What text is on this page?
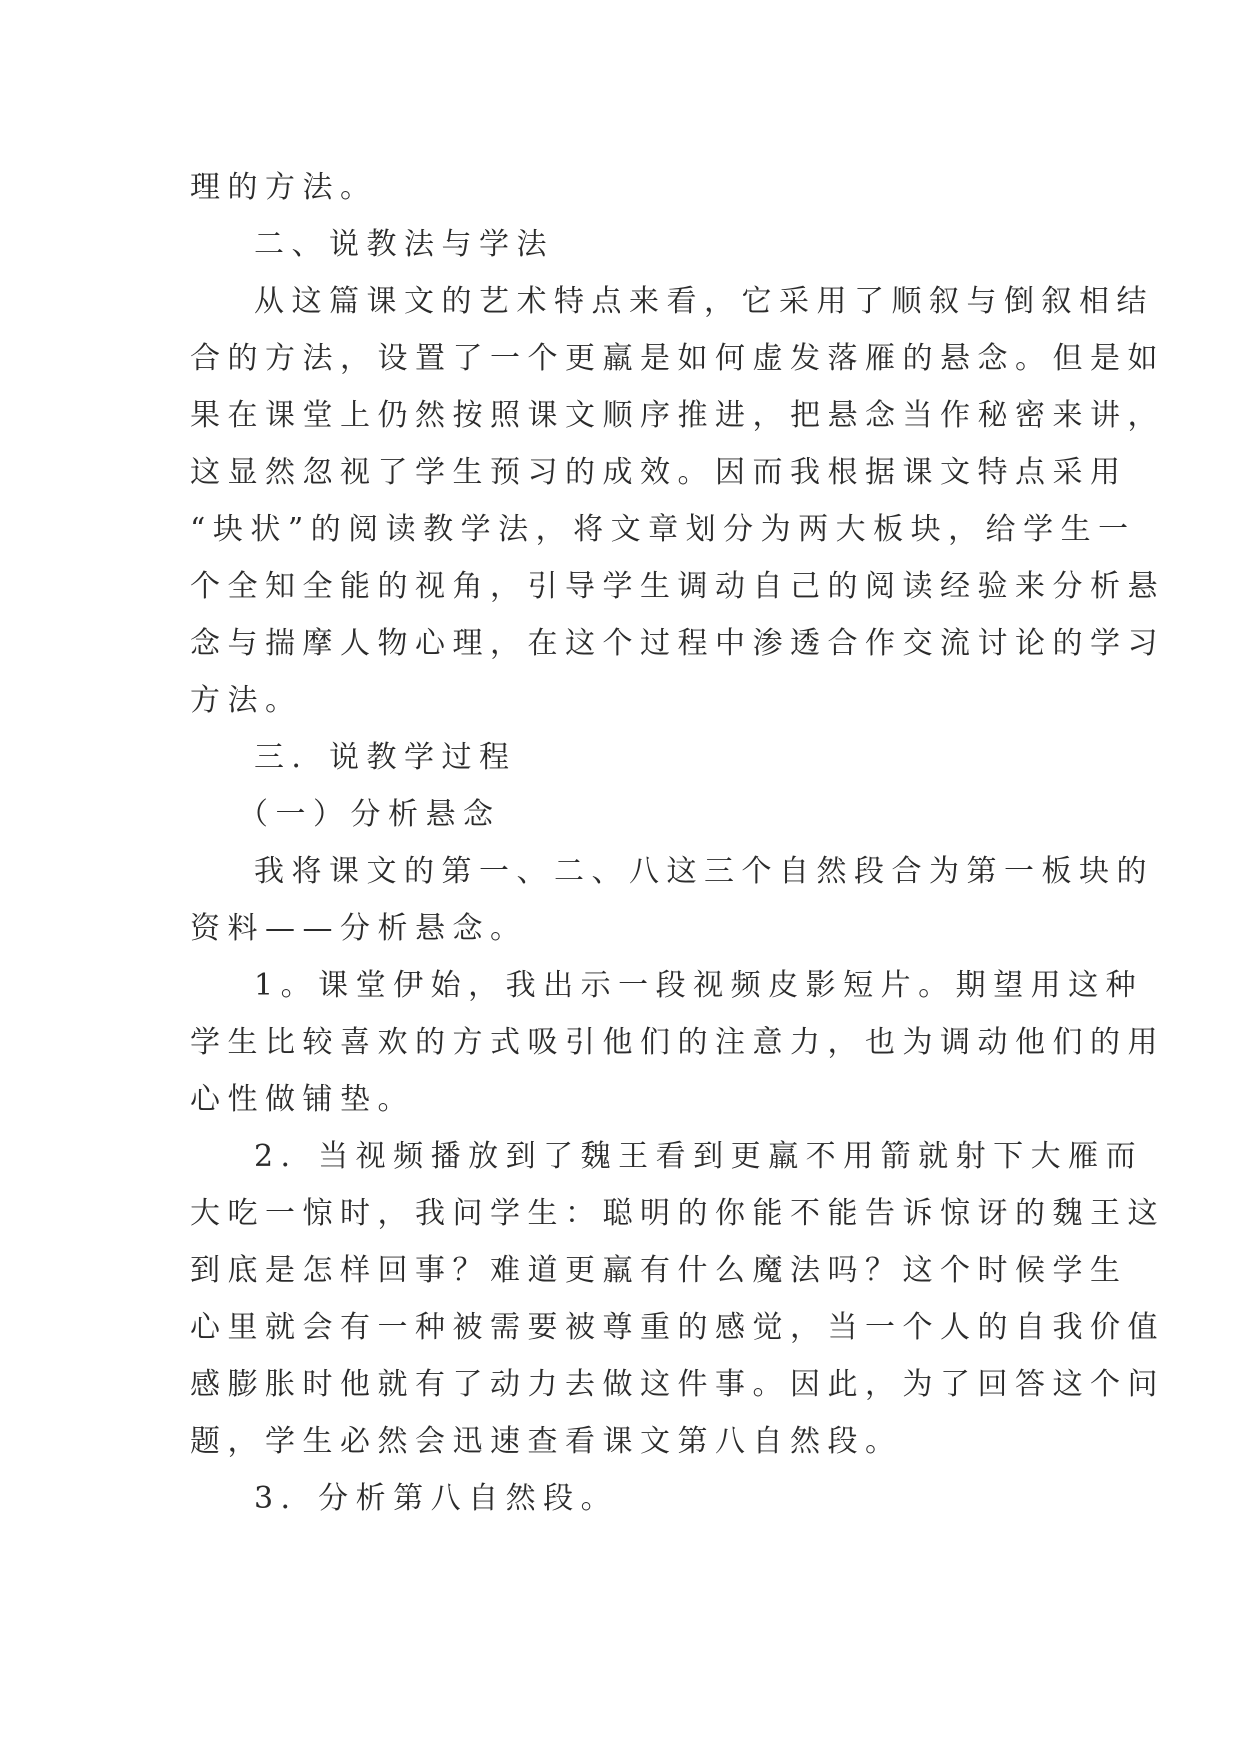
理的方法。
二、说教法与学法
从这篇课文的艺术特点来看，它采用了顺叙与倒叙相结
合的方法，设置了一个更羸是如何虚发落雁的悬念。但是如
果在课堂上仍然按照课文顺序推进，把悬念当作秘密来讲，
这显然忽视了学生预习的成效。因而我根据课文特点采用
“块状”的阅读教学法，将文章划分为两大板块，给学生一
个全知全能的视角，引导学生调动自己的阅读经验来分析悬
念与揣摩人物心理，在这个过程中渗透合作交流讨论的学习
方法。
三．说教学过程
（一）分析悬念
我将课文的第一、二、八这三个自然段合为第一板块的
资料——分析悬念。
1。课堂伊始，我出示一段视频皮影短片。期望用这种
学生比较喜欢的方式吸引他们的注意力，也为调动他们的用
心性做铺垫。
2．当视频播放到了魏王看到更羸不用箭就射下大雁而
大吃一惊时，我问学生：聪明的你能不能告诉惊讶的魏王这
到底是怎样回事？难道更羸有什么魔法吗？这个时候学生
心里就会有一种被需要被尊重的感觉，当一个人的自我价值
感膨胀时他就有了动力去做这件事。因此，为了回答这个问
题，学生必然会迅速查看课文第八自然段。
3．分析第八自然段。
